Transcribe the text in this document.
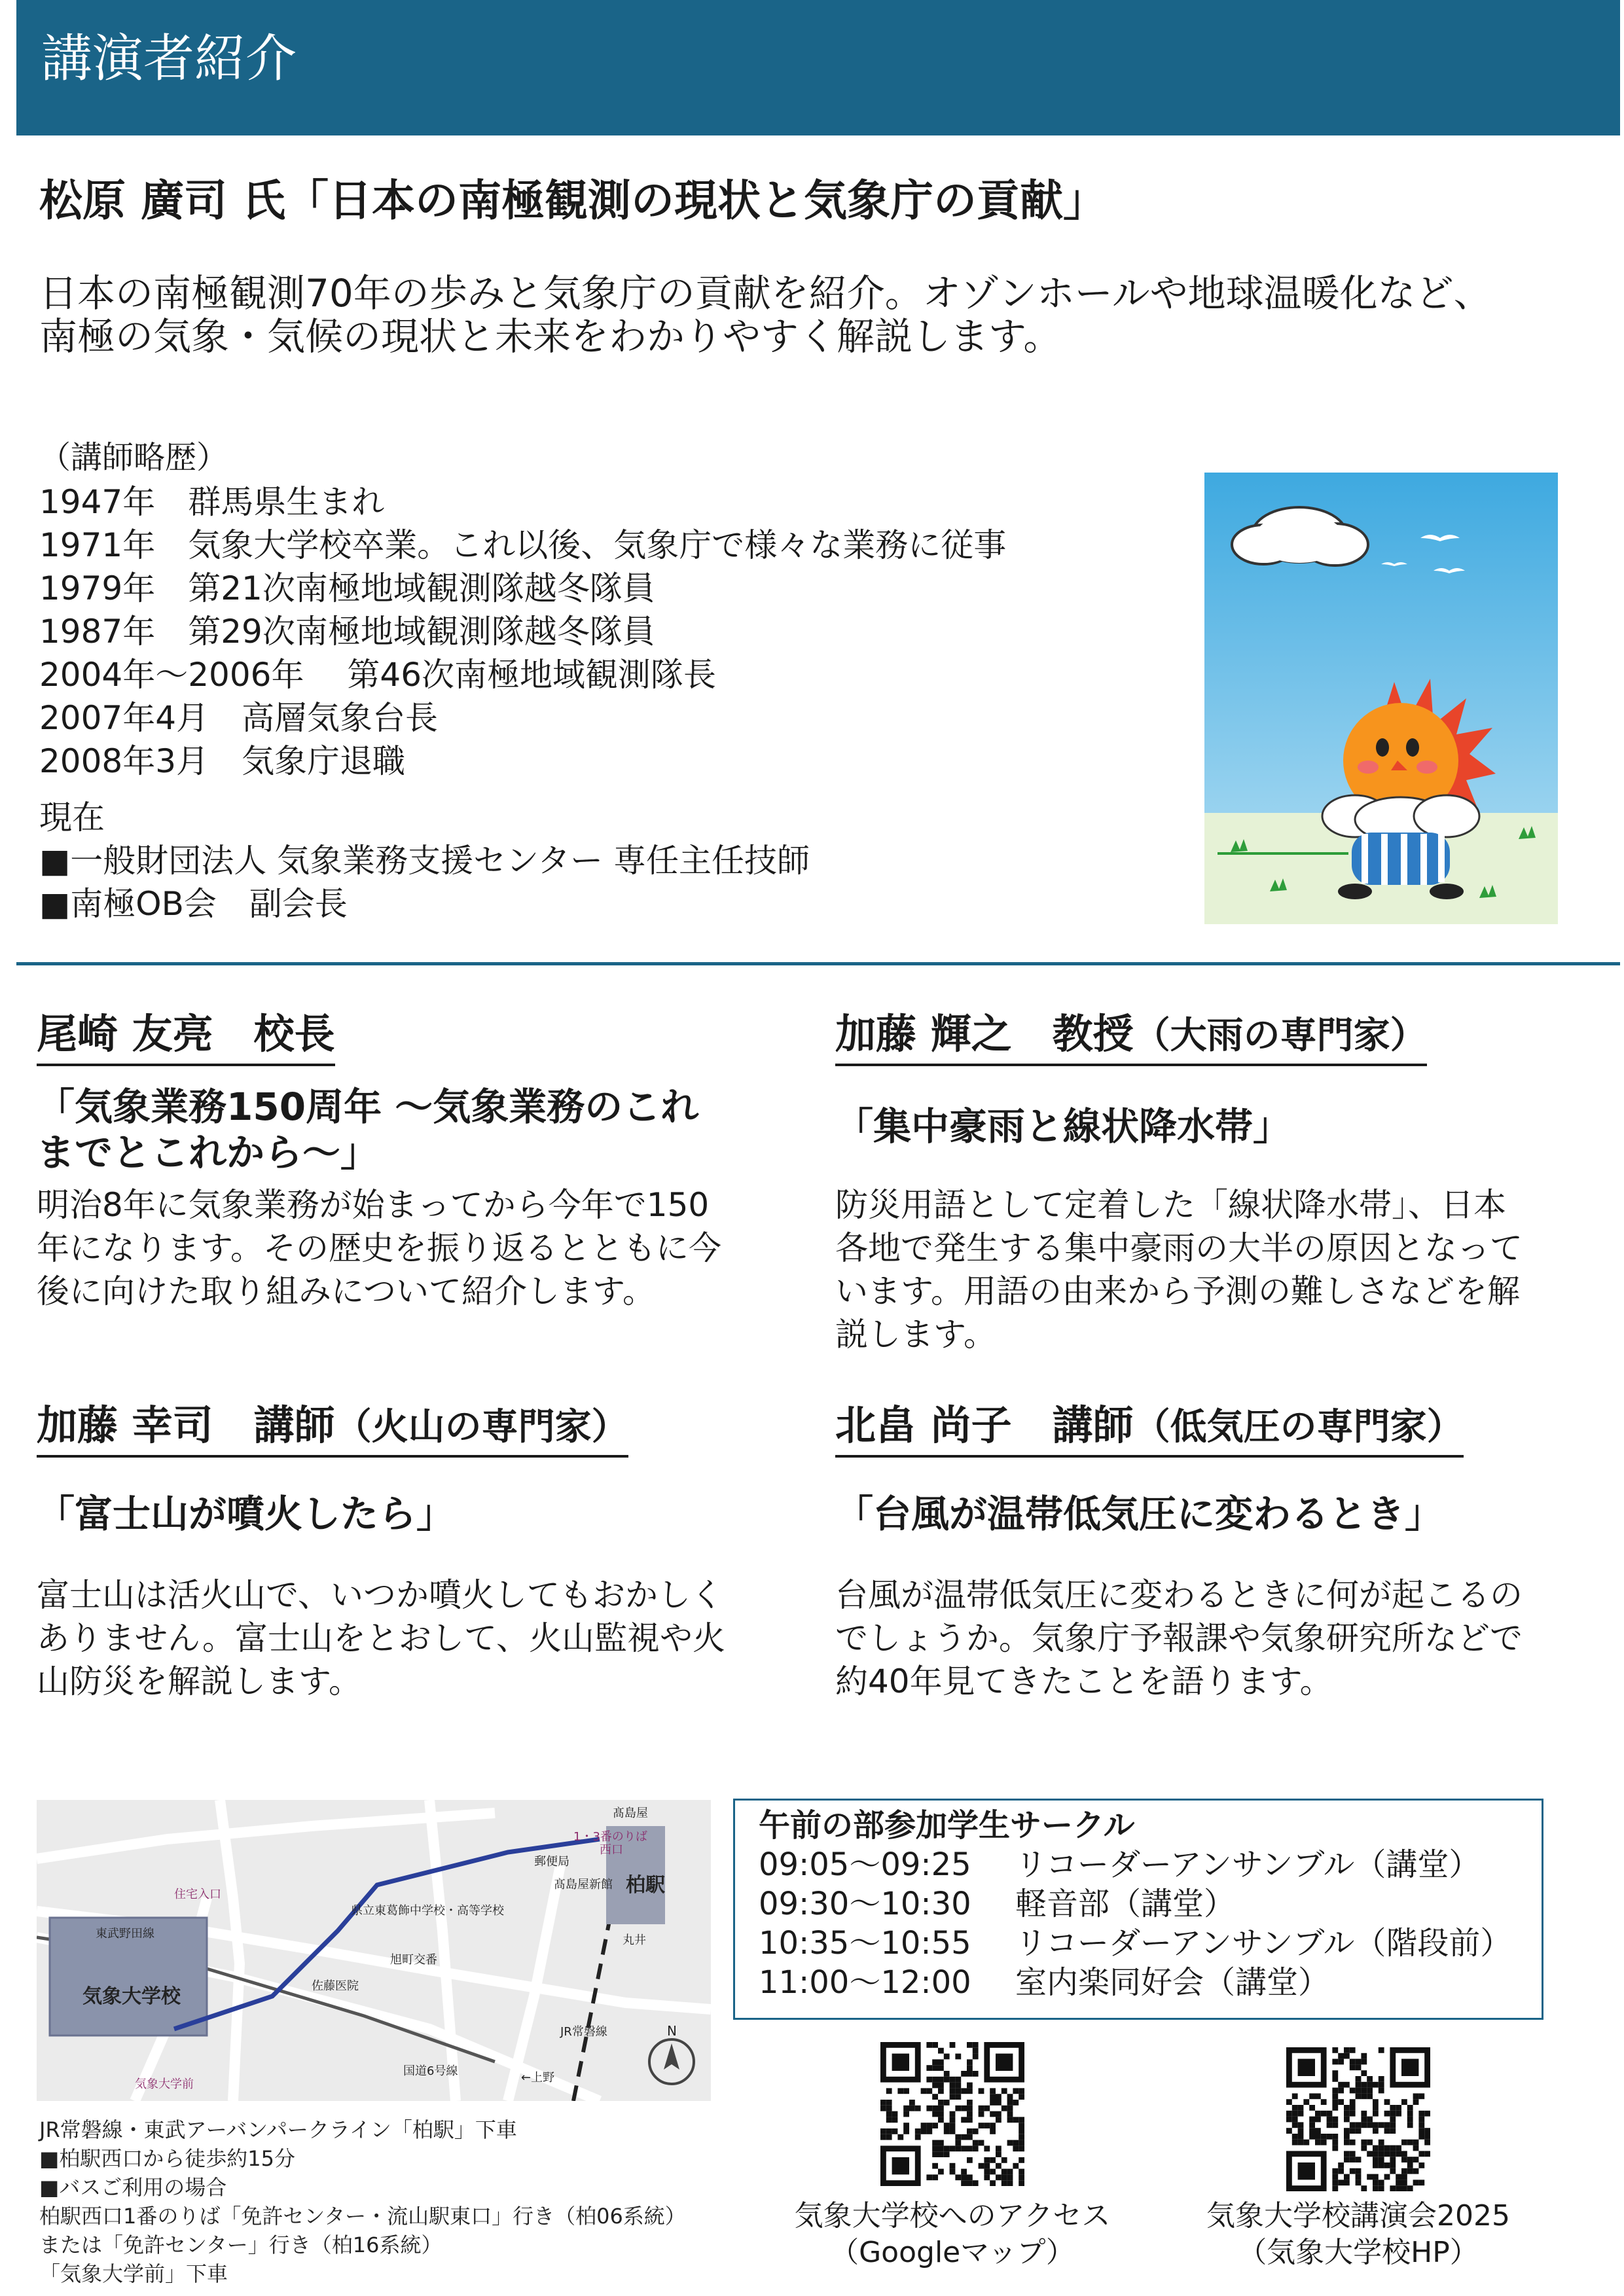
講演者紹介
松原 廣司 氏「日本の南極観測の現状と気象庁の貢献」
日本の南極観測70年の歩みと気象庁の貢献を紹介。オゾンホールや地球温暖化など、
南極の気象・気候の現状と未来をわかりやすく解説します。
（講師略歴）
1947年　 群馬県生まれ
1971年　 気象大学校卒業。これ以後、気象庁で様々な業務に従事
1979年　 第21次南極地域観測隊越冬隊員
1987年　 第29次南極地域観測隊越冬隊員
2004年～2006年　 第46次南極地域観測隊長
2007年4月　 高層気象台長
2008年3月　 気象庁退職
現在
■一般財団法人 気象業務支援センター 専任主任技師
■南極OB会　副会長
尾崎 友亮　校長
「気象業務150周年 ～気象業務のこれ
までとこれから～」
明治8年に気象業務が始まってから今年で150
年になります。その歴史を振り返るとともに今
後に向けた取り組みについて紹介します。
加藤 輝之　教授（大雨の専門家）
「集中豪雨と線状降水帯」
防災用語として定着した「線状降水帯」、日本
各地で発生する集中豪雨の大半の原因となって
います。用語の由来から予測の難しさなどを解
説します。
加藤 幸司　講師（火山の専門家）
「富士山が噴火したら」
富士山は活火山で、いつか噴火してもおかしく
ありません。富士山をとおして、火山監視や火
山防災を解説します。
北畠 尚子　講師（低気圧の専門家）
「台風が温帯低気圧に変わるとき」
台風が温帯低気圧に変わるときに何が起こるの
でしょうか。気象庁予報課や気象研究所などで
約40年見てきたことを語ります。
髙島屋
1・3番のりば
西口
郵便局
髙島屋新館 柏駅
丸井
住宅入口
東武野田線
県立東葛飾中学校・高等学校
旭町交番
佐藤医院
気象大学校
国道6号線
JR常磐線
←上野
気象大学前
N
午前の部参加学生サークル
09:05～09:25 リコーダーアンサンブル（講堂）
09:30～10:30 軽音部（講堂）
10:35～10:55 リコーダーアンサンブル（階段前）
11:00～12:00 室内楽同好会（講堂）
JR常磐線・東武アーバンパークライン「柏駅」下車
■柏駅西口から徒歩約15分
■バスご利用の場合
柏駅西口1番のりば「免許センター・流山駅東口」行き（柏06系統）
または「免許センター」行き（柏16系統）
「気象大学前」下車
気象大学校へのアクセス
（Googleマップ）
気象大学校講演会2025
（気象大学校HP）
